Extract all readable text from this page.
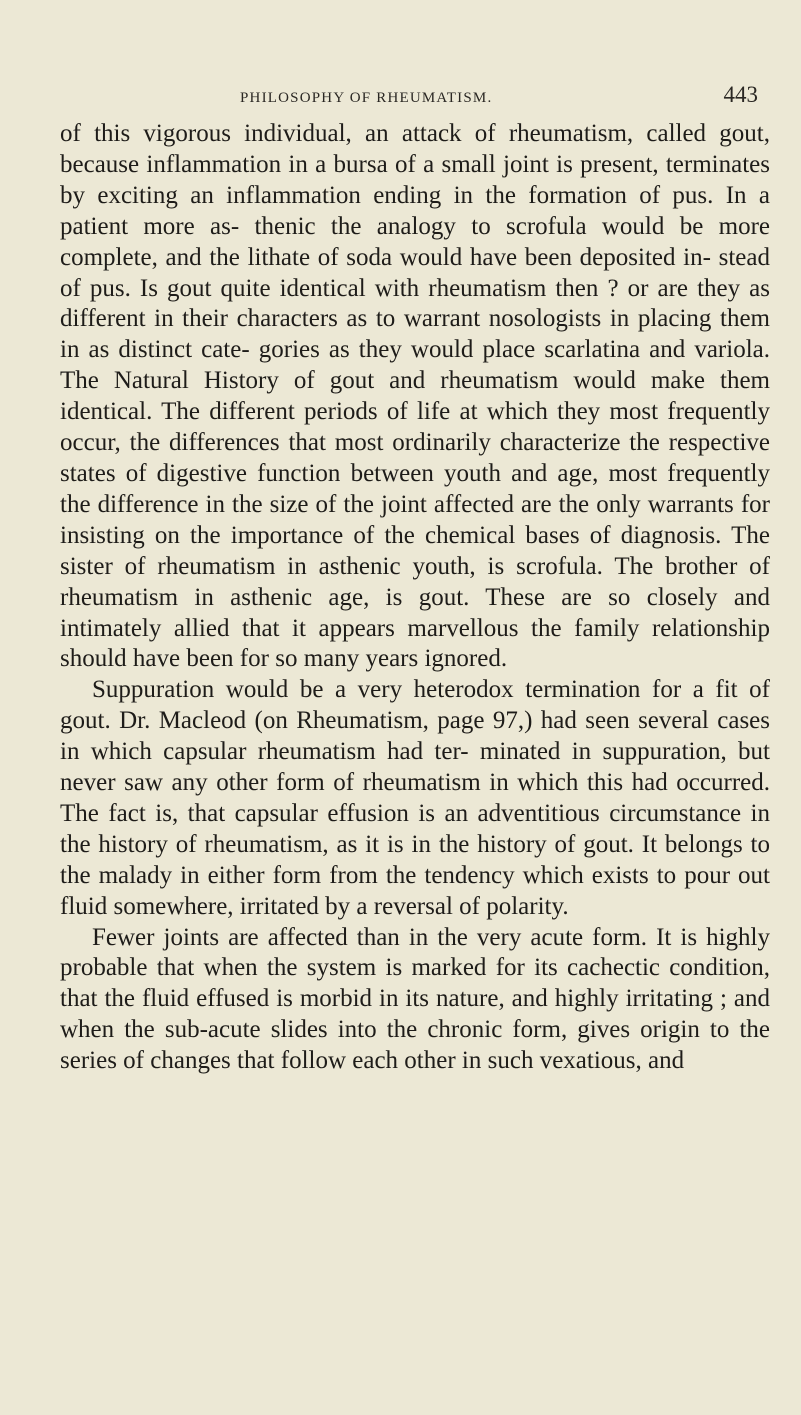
PHILOSOPHY OF RHEUMATISM.	443

of this vigorous individual, an attack of rheumatism, called gout, because inflammation in a bursa of a small joint is present, terminates by exciting an inflammation ending in the formation of pus. In a patient more as- thenic the analogy to scrofula would be more complete, and the lithate of soda would have been deposited in- stead of pus. Is gout quite identical with rheumatism then ? or are they as different in their characters as to warrant nosologists in placing them in as distinct cate- gories as they would place scarlatina and variola. The Natural History of gout and rheumatism would make them identical. The different periods of life at which they most frequently occur, the differences that most ordinarily characterize the respective states of digestive function between youth and age, most frequently the difference in the size of the joint affected are the only warrants for insisting on the importance of the chemical bases of diagnosis. The sister of rheumatism in asthenic youth, is scrofula. The brother of rheumatism in asthenic age, is gout. These are so closely and intimately allied that it appears marvellous the family relationship should have been for so many years ignored.

Suppuration would be a very heterodox termination for a fit of gout. Dr. Macleod (on Rheumatism, page 97,) had seen several cases in which capsular rheumatism had ter- minated in suppuration, but never saw any other form of rheumatism in which this had occurred. The fact is, that capsular effusion is an adventitious circumstance in the history of rheumatism, as it is in the history of gout. It belongs to the malady in either form from the tendency which exists to pour out fluid somewhere, irritated by a reversal of polarity.

Fewer joints are affected than in the very acute form. It is highly probable that when the system is marked for its cachectic condition, that the fluid effused is morbid in its nature, and highly irritating ; and when the sub-acute slides into the chronic form, gives origin to the series of changes that follow each other in such vexatious, and
